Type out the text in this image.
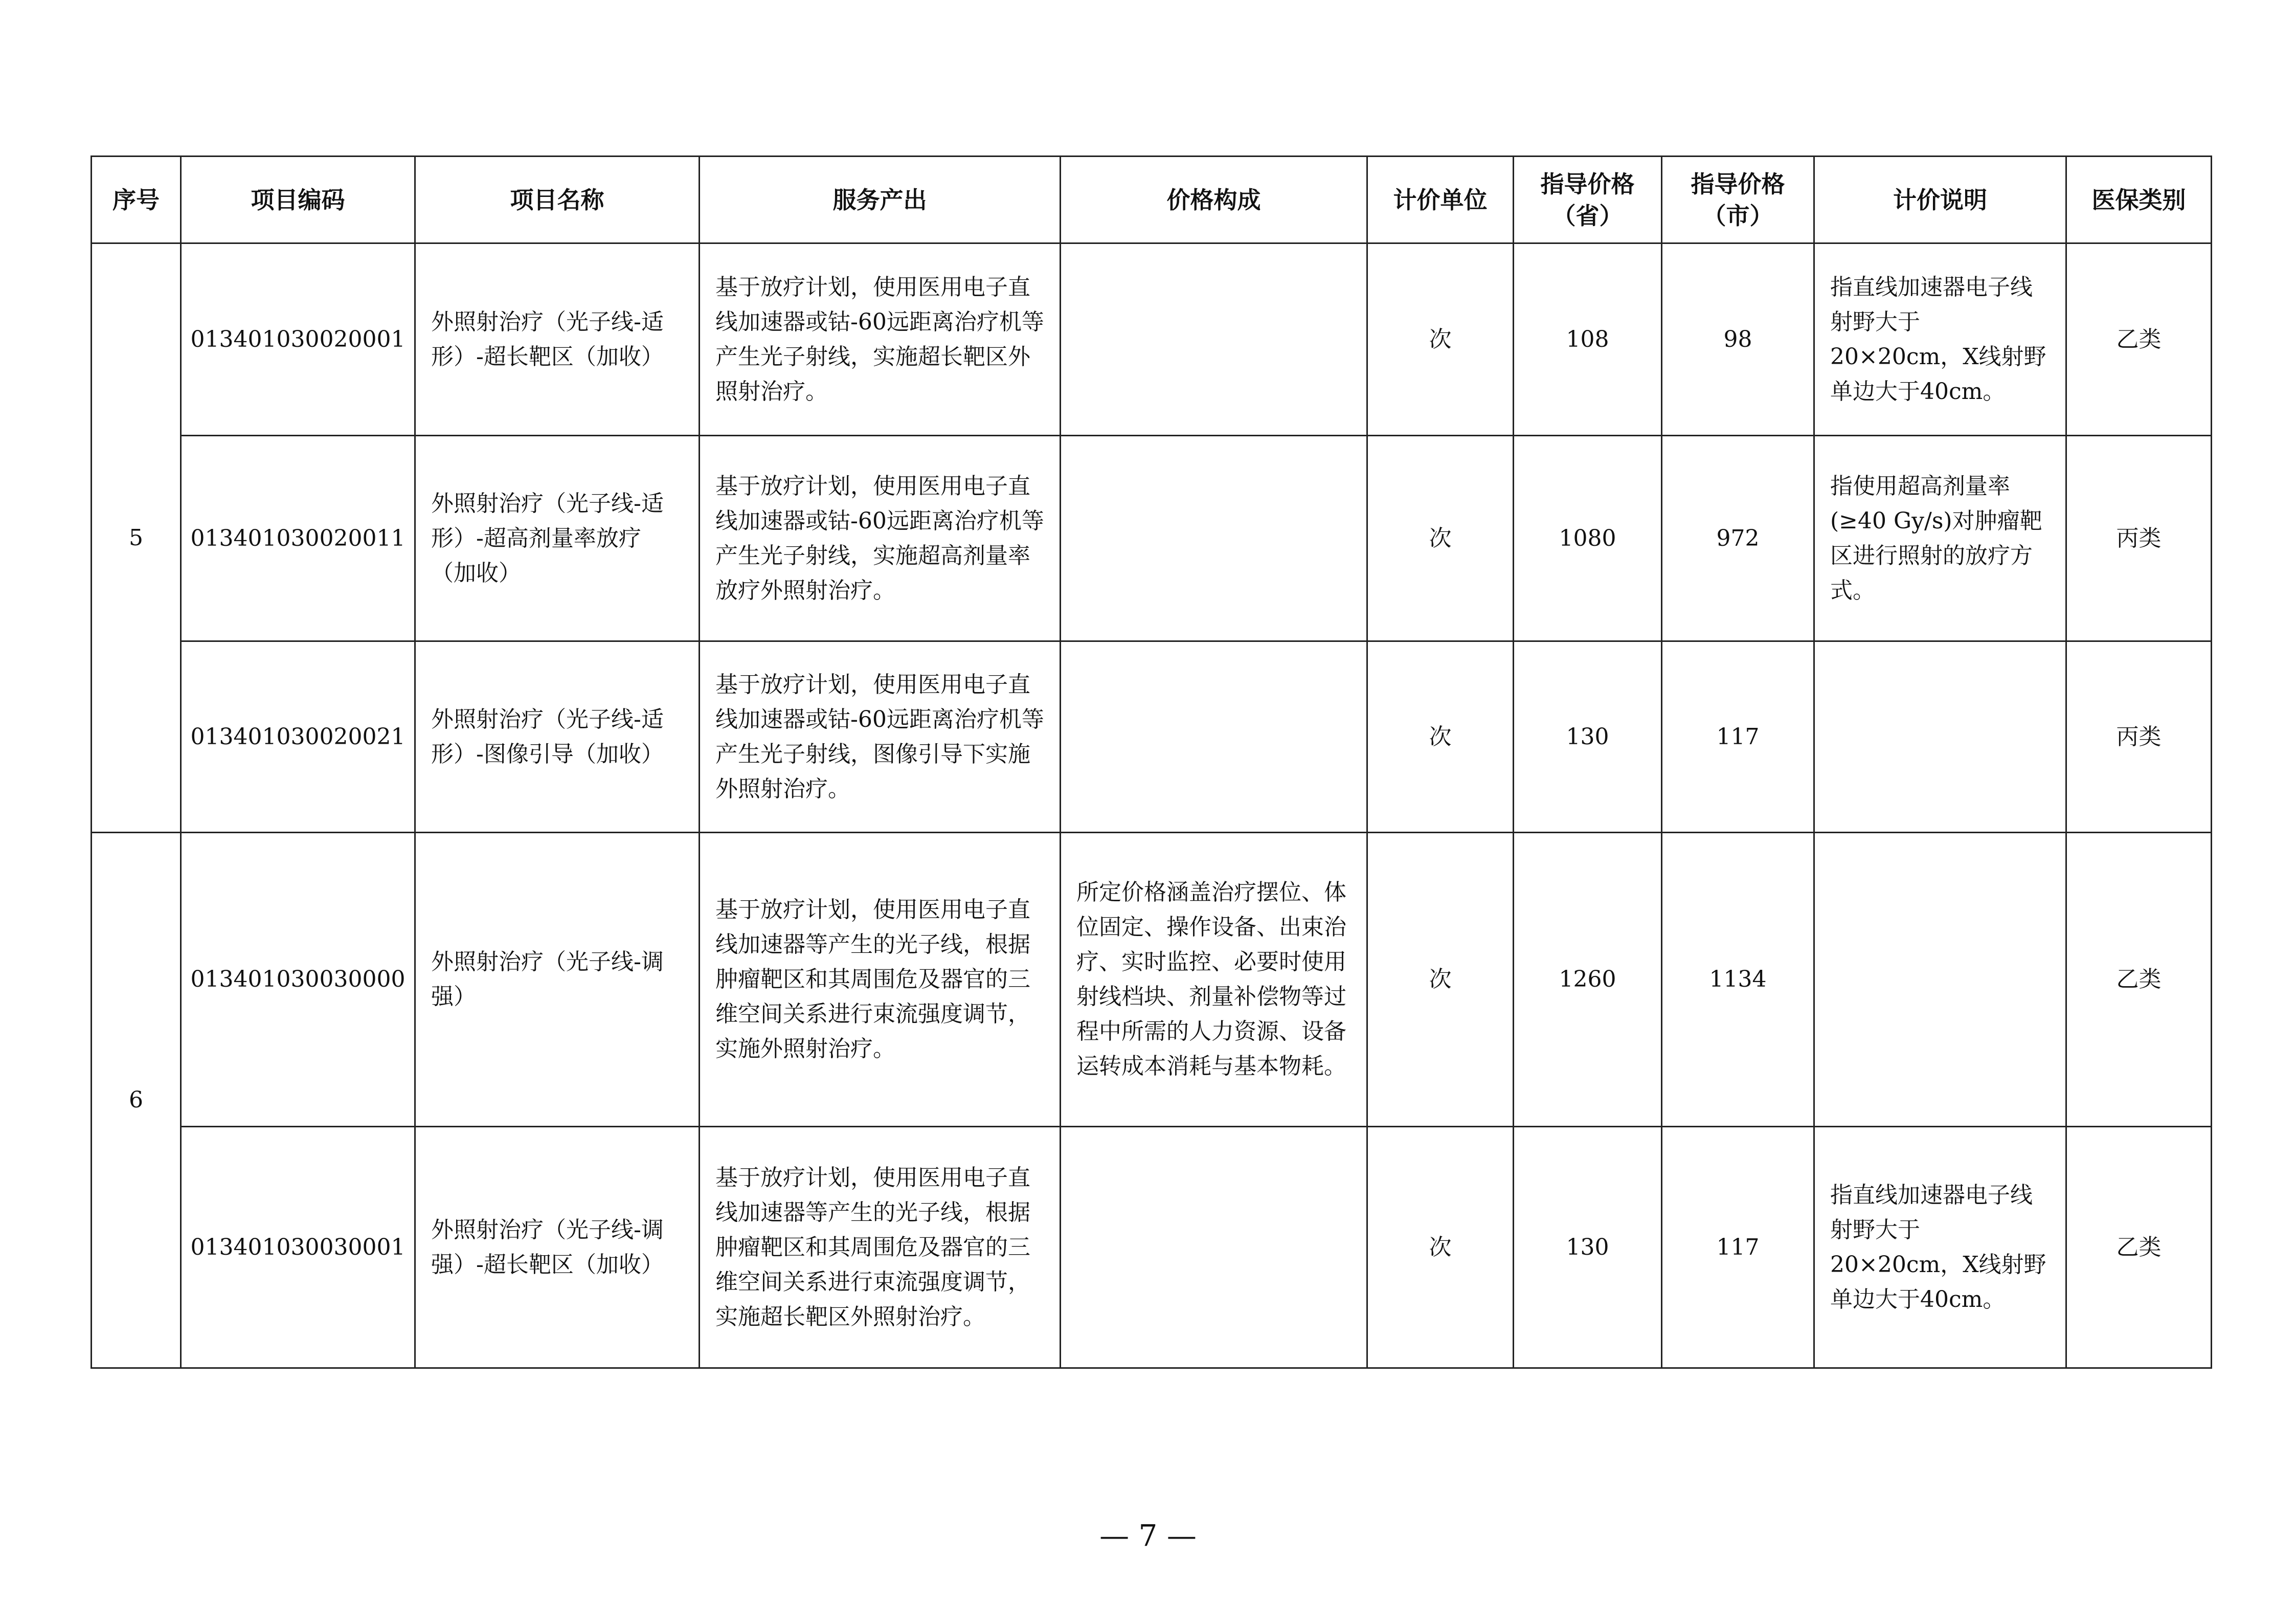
序号	项目编码	项目名称	服务产出	价格构成	计价单位	指导价格（省）	指导价格（市）	计价说明	医保类别
5	013401030020001	外照射治疗（光子线-适形）-超长靶区（加收）	基于放疗计划，使用医用电子直线加速器或钴-60远距离治疗机等产生光子射线，实施超长靶区外照射治疗。		次	108	98	指直线加速器电子线射野大于20×20cm，X线射野单边大于40cm。	乙类
	013401030020011	外照射治疗（光子线-适形）-超高剂量率放疗（加收）	基于放疗计划，使用医用电子直线加速器或钴-60远距离治疗机等产生光子射线，实施超高剂量率放疗外照射治疗。		次	1080	972	指使用超高剂量率(≥40 Gy/s)对肿瘤靶区进行照射的放疗方式。	丙类
	013401030020021	外照射治疗（光子线-适形）-图像引导（加收）	基于放疗计划，使用医用电子直线加速器或钴-60远距离治疗机等产生光子射线，图像引导下实施外照射治疗。		次	130	117		丙类
6	013401030030000	外照射治疗（光子线-调强）	基于放疗计划，使用医用电子直线加速器等产生的光子线，根据肿瘤靶区和其周围危及器官的三维空间关系进行束流强度调节，实施外照射治疗。	所定价格涵盖治疗摆位、体位固定、操作设备、出束治疗、实时监控、必要时使用射线档块、剂量补偿物等过程中所需的人力资源、设备运转成本消耗与基本物耗。	次	1260	1134		乙类
	013401030030001	外照射治疗（光子线-调强）-超长靶区（加收）	基于放疗计划，使用医用电子直线加速器等产生的光子线，根据肿瘤靶区和其周围危及器官的三维空间关系进行束流强度调节，实施超长靶区外照射治疗。		次	130	117	指直线加速器电子线射野大于20×20cm，X线射野单边大于40cm。	乙类
— 7 —
